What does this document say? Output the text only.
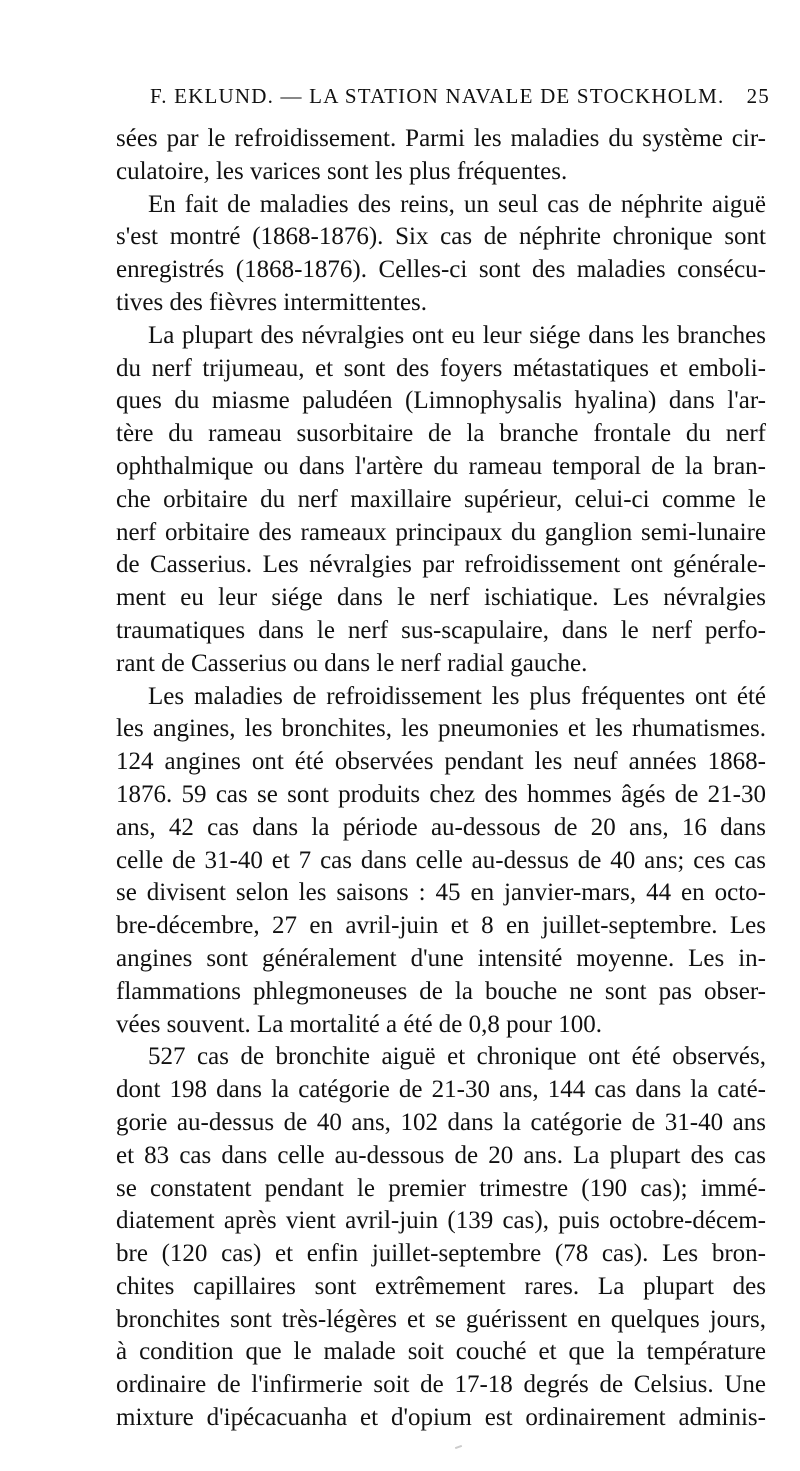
F. EKLUND. — LA STATION NAVALE DE STOCKHOLM. 25
sées par le refroidissement. Parmi les maladies du système cir-
culatoire, les varices sont les plus fréquentes.
En fait de maladies des reins, un seul cas de néphrite aiguë
s'est montré (1868-1876). Six cas de néphrite chronique sont
enregistrés (1868-1876). Celles-ci sont des maladies consécu-
tives des fièvres intermittentes.
La plupart des névralgies ont eu leur siége dans les branches
du nerf trijumeau, et sont des foyers métastatiques et emboli-
ques du miasme paludéen (Limnophysalis hyalina) dans l'ar-
tère du rameau susorbitaire de la branche frontale du nerf
ophthalmique ou dans l'artère du rameau temporal de la bran-
che orbitaire du nerf maxillaire supérieur, celui-ci comme le
nerf orbitaire des rameaux principaux du ganglion semi-lunaire
de Casserius. Les névralgies par refroidissement ont générale-
ment eu leur siége dans le nerf ischiatique. Les névralgies
traumatiques dans le nerf sus-scapulaire, dans le nerf perfo-
rant de Casserius ou dans le nerf radial gauche.
Les maladies de refroidissement les plus fréquentes ont été
les angines, les bronchites, les pneumonies et les rhumatismes.
124 angines ont été observées pendant les neuf années 1868-
1876. 59 cas se sont produits chez des hommes âgés de 21-30
ans, 42 cas dans la période au-dessous de 20 ans, 16 dans
celle de 31-40 et 7 cas dans celle au-dessus de 40 ans; ces cas
se divisent selon les saisons : 45 en janvier-mars, 44 en octo-
bre-décembre, 27 en avril-juin et 8 en juillet-septembre. Les
angines sont généralement d'une intensité moyenne. Les in-
flammations phlegmoneuses de la bouche ne sont pas obser-
vées souvent. La mortalité a été de 0,8 pour 100.
527 cas de bronchite aiguë et chronique ont été observés,
dont 198 dans la catégorie de 21-30 ans, 144 cas dans la caté-
gorie au-dessus de 40 ans, 102 dans la catégorie de 31-40 ans
et 83 cas dans celle au-dessous de 20 ans. La plupart des cas
se constatent pendant le premier trimestre (190 cas); immé-
diatement après vient avril-juin (139 cas), puis octobre-décem-
bre (120 cas) et enfin juillet-septembre (78 cas). Les bron-
chites capillaires sont extrêmement rares. La plupart des
bronchites sont très-légères et se guérissent en quelques jours,
à condition que le malade soit couché et que la température
ordinaire de l'infirmerie soit de 17-18 degrés de Celsius. Une
mixture d'ipécacuanha et d'opium est ordinairement adminis-
